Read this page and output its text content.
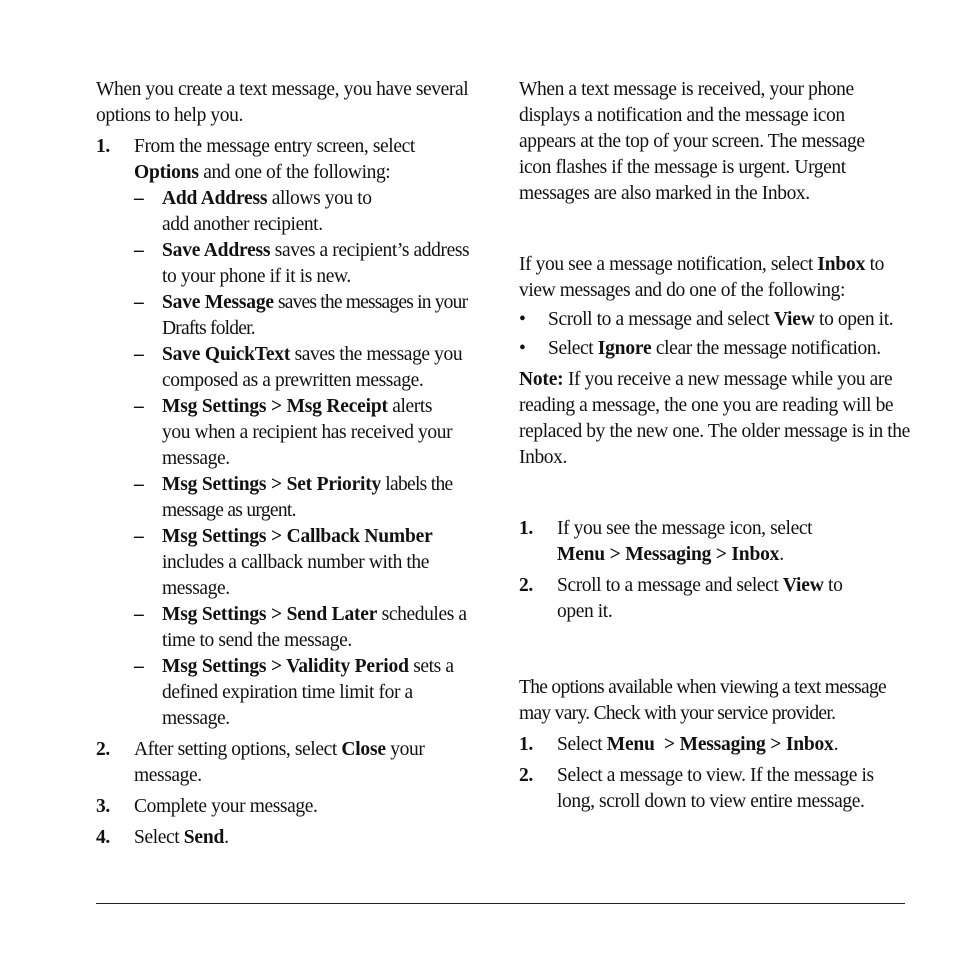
When you create a text message, you have several options to help you.

1. From the message entry screen, select Options and one of the following:
– Add Address allows you to add another recipient.
– Save Address saves a recipient’s address to your phone if it is new.
– Save Message saves the messages in your Drafts folder.
– Save QuickText saves the message you composed as a prewritten message.
– Msg Settings > Msg Receipt alerts you when a recipient has received your message.
– Msg Settings > Set Priority labels the message as urgent.
– Msg Settings > Callback Number includes a callback number with the message.
– Msg Settings > Send Later schedules a time to send the message.
– Msg Settings > Validity Period sets a defined expiration time limit for a message.
2. After setting options, select Close your message.
3. Complete your message.
4. Select Send.

When a text message is received, your phone displays a notification and the message icon appears at the top of your screen. The message icon flashes if the message is urgent. Urgent messages are also marked in the Inbox.

If you see a message notification, select Inbox to view messages and do one of the following:

• Scroll to a message and select View to open it.
• Select Ignore clear the message notification.

Note: If you receive a new message while you are reading a message, the one you are reading will be replaced by the new one. The older message is in the Inbox.

1. If you see the message icon, select Menu > Messaging > Inbox.
2. Scroll to a message and select View to open it.

The options available when viewing a text message may vary. Check with your service provider.

1. Select Menu  > Messaging > Inbox.
2. Select a message to view. If the message is long, scroll down to view entire message.
